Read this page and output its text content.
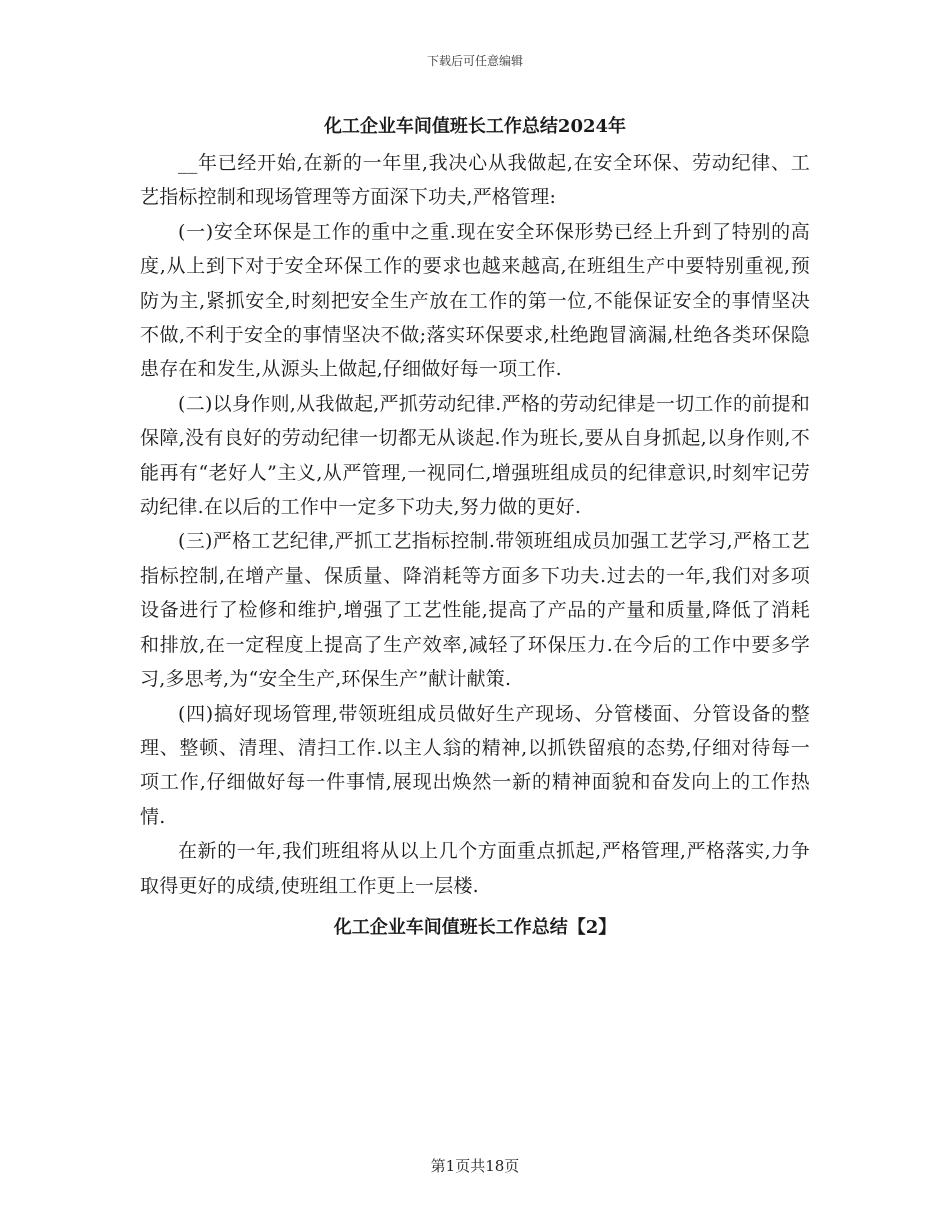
下载后可任意编辑
化工企业车间值班长工作总结2024年

__年已经开始,在新的一年里,我决心从我做起,在安全环保、劳动纪律、工艺指标控制和现场管理等方面深下功夫,严格管理:

(一)安全环保是工作的重中之重.现在安全环保形势已经上升到了特别的高度,从上到下对于安全环保工作的要求也越来越高,在班组生产中要特别重视,预防为主,紧抓安全,时刻把安全生产放在工作的第一位,不能保证安全的事情坚决不做,不利于安全的事情坚决不做;落实环保要求,杜绝跑冒滴漏,杜绝各类环保隐患存在和发生,从源头上做起,仔细做好每一项工作.

(二)以身作则,从我做起,严抓劳动纪律.严格的劳动纪律是一切工作的前提和保障,没有良好的劳动纪律一切都无从谈起.作为班长,要从自身抓起,以身作则,不能再有“老好人”主义,从严管理,一视同仁,增强班组成员的纪律意识,时刻牢记劳动纪律.在以后的工作中一定多下功夫,努力做的更好.

(三)严格工艺纪律,严抓工艺指标控制.带领班组成员加强工艺学习,严格工艺指标控制,在增产量、保质量、降消耗等方面多下功夫.过去的一年,我们对多项设备进行了检修和维护,增强了工艺性能,提高了产品的产量和质量,降低了消耗和排放,在一定程度上提高了生产效率,减轻了环保压力.在今后的工作中要多学习,多思考,为“安全生产,环保生产”献计献策.

(四)搞好现场管理,带领班组成员做好生产现场、分管楼面、分管设备的整理、整顿、清理、清扫工作.以主人翁的精神,以抓铁留痕的态势,仔细对待每一项工作,仔细做好每一件事情,展现出焕然一新的精神面貌和奋发向上的工作热情.

在新的一年,我们班组将从以上几个方面重点抓起,严格管理,严格落实,力争取得更好的成绩,使班组工作更上一层楼.

化工企业车间值班长工作总结【2】
第1页共18页
